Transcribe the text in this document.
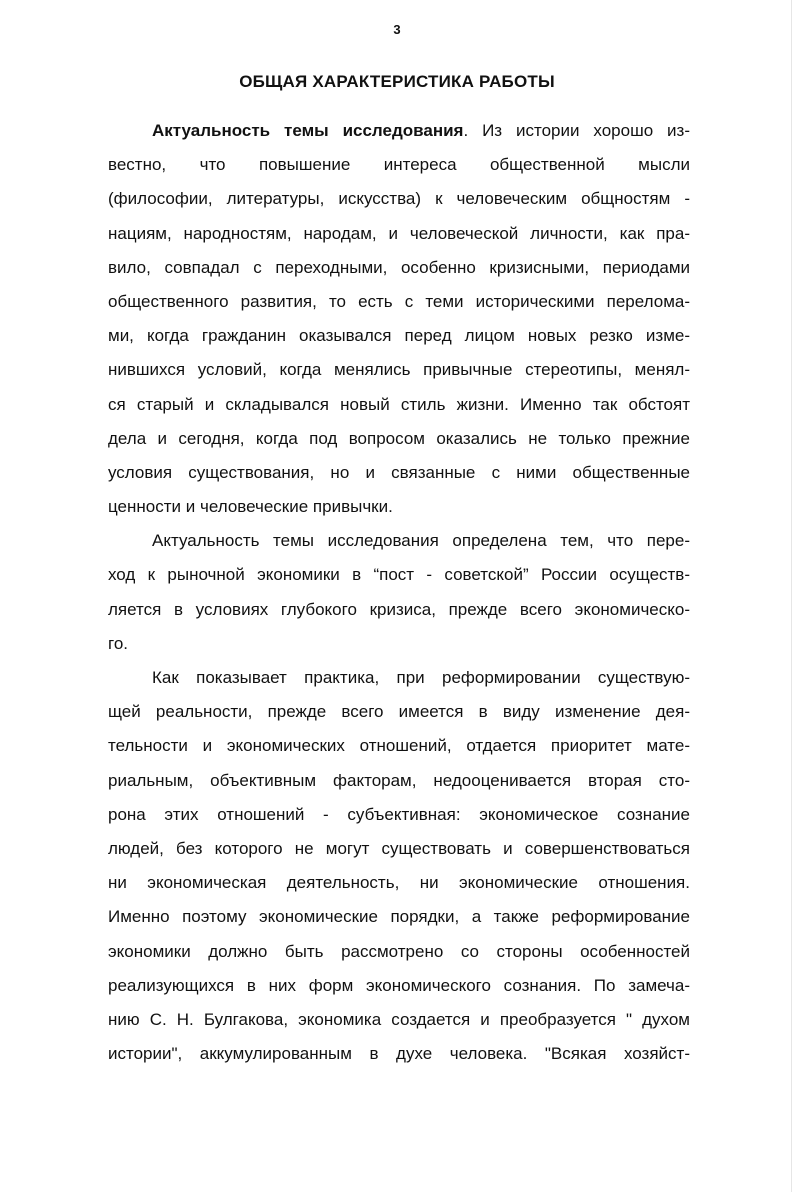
3
ОБЩАЯ ХАРАКТЕРИСТИКА РАБОТЫ
Актуальность темы исследования. Из истории хорошо из-
вестно, что повышение интереса общественной мысли
(философии, литературы, искусства) к человеческим общностям -
нациям, народностям, народам, и человеческой личности, как пра-
вило, совпадал с переходными, особенно кризисными, периодами
общественного развития, то есть с теми историческими перелома-
ми, когда гражданин оказывался перед лицом новых резко изме-
нившихся условий, когда менялись привычные стереотипы, менял-
ся старый и складывался новый стиль жизни. Именно так обстоят
дела и сегодня, когда под вопросом оказались не только прежние
условия существования, но и связанные с ними общественные
ценности и человеческие привычки.
Актуальность темы исследования определена тем, что пере-
ход к рыночной экономики в “пост - советской” России осуществ-
ляется в условиях глубокого кризиса, прежде всего экономическо-
го.
Как показывает практика, при реформировании существую-
щей реальности, прежде всего имеется в виду изменение дея-
тельности и экономических отношений, отдается приоритет мате-
риальным, объективным факторам, недооценивается вторая сто-
рона этих отношений - субъективная: экономическое сознание
людей, без которого не могут существовать и совершенствоваться
ни экономическая деятельность, ни экономические отношения.
Именно поэтому экономические порядки, а также реформирование
экономики должно быть рассмотрено со стороны особенностей
реализующихся в них форм экономического сознания. По замеча-
нию С. Н. Булгакова, экономика создается и преобразуется " духом
истории", аккумулированным в духе человека. "Всякая хозяйст-
